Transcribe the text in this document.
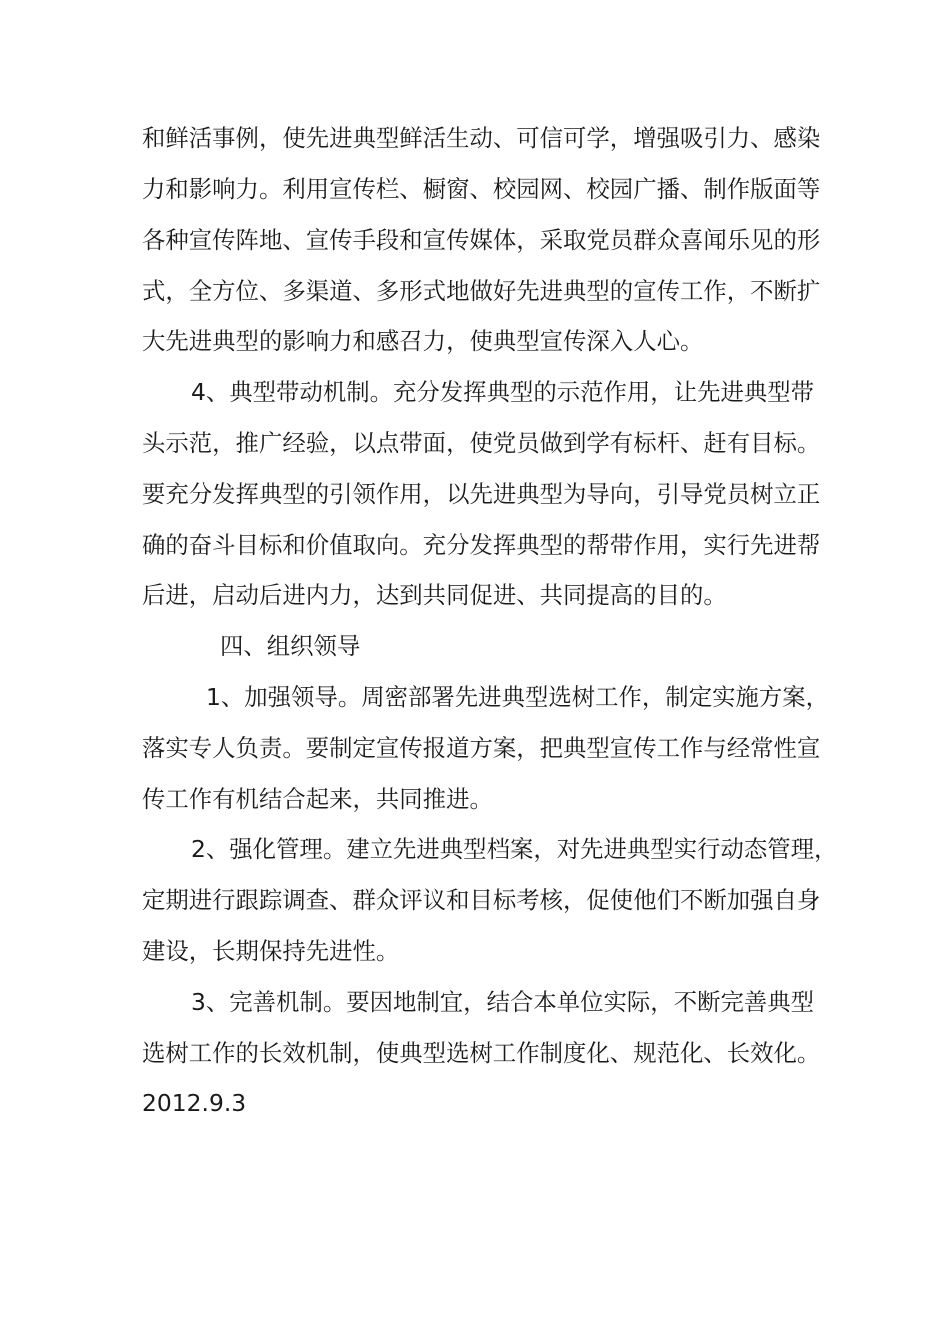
和鲜活事例，使先进典型鲜活生动、可信可学，增强吸引力、感染
力和影响力。利用宣传栏、橱窗、校园网、校园广播、制作版面等
各种宣传阵地、宣传手段和宣传媒体，采取党员群众喜闻乐见的形
式，全方位、多渠道、多形式地做好先进典型的宣传工作，不断扩
大先进典型的影响力和感召力，使典型宣传深入人心。
4、典型带动机制。充分发挥典型的示范作用，让先进典型带
头示范，推广经验，以点带面，使党员做到学有标杆、赶有目标。
要充分发挥典型的引领作用，以先进典型为导向，引导党员树立正
确的奋斗目标和价值取向。充分发挥典型的帮带作用，实行先进帮
后进，启动后进内力，达到共同促进、共同提高的目的。
四、组织领导
1、加强领导。周密部署先进典型选树工作，制定实施方案，
落实专人负责。要制定宣传报道方案，把典型宣传工作与经常性宣
传工作有机结合起来，共同推进。
2、强化管理。建立先进典型档案，对先进典型实行动态管理，
定期进行跟踪调查、群众评议和目标考核，促使他们不断加强自身
建设，长期保持先进性。
3、完善机制。要因地制宜，结合本单位实际，不断完善典型
选树工作的长效机制，使典型选树工作制度化、规范化、长效化。
2012.9.3
